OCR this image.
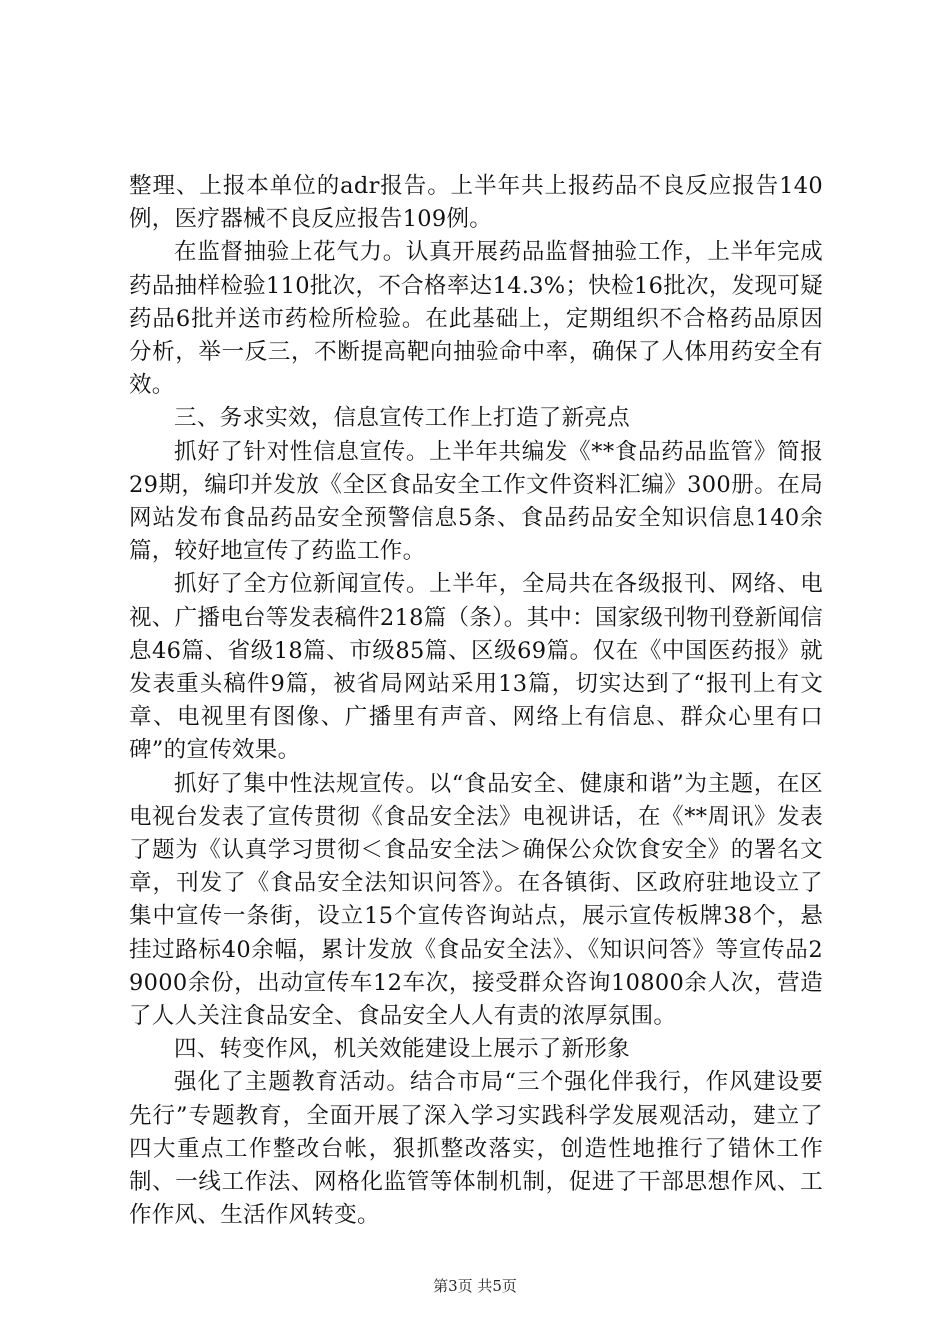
整理、上报本单位的adr报告。上半年共上报药品不良反应报告140例，医疗器械不良反应报告109例。

在监督抽验上花气力。认真开展药品监督抽验工作，上半年完成药品抽样检验110批次，不合格率达14.3%；快检16批次，发现可疑药品6批并送市药检所检验。在此基础上，定期组织不合格药品原因分析，举一反三，不断提高靶向抽验命中率，确保了人体用药安全有效。

三、务求实效，信息宣传工作上打造了新亮点

抓好了针对性信息宣传。上半年共编发《**食品药品监管》简报29期，编印并发放《全区食品安全工作文件资料汇编》300册。在局网站发布食品药品安全预警信息5条、食品药品安全知识信息140余篇，较好地宣传了药监工作。

抓好了全方位新闻宣传。上半年，全局共在各级报刊、网络、电视、广播电台等发表稿件218篇（条）。其中：国家级刊物刊登新闻信息46篇、省级18篇、市级85篇、区级69篇。仅在《中国医药报》就发表重头稿件9篇，被省局网站采用13篇，切实达到了“报刊上有文章、电视里有图像、广播里有声音、网络上有信息、群众心里有口碑”的宣传效果。

抓好了集中性法规宣传。以“食品安全、健康和谐”为主题，在区电视台发表了宣传贯彻《食品安全法》电视讲话，在《**周讯》发表了题为《认真学习贯彻＜食品安全法＞确保公众饮食安全》的署名文章，刊发了《食品安全法知识问答》。在各镇街、区政府驻地设立了集中宣传一条街，设立15个宣传咨询站点，展示宣传板牌38个，悬挂过路标40余幅，累计发放《食品安全法》、《知识问答》等宣传品29000余份，出动宣传车12车次，接受群众咨询10800余人次，营造了人人关注食品安全、食品安全人人有责的浓厚氛围。

四、转变作风，机关效能建设上展示了新形象

强化了主题教育活动。结合市局“三个强化伴我行，作风建设要先行”专题教育，全面开展了深入学习实践科学发展观活动，建立了四大重点工作整改台帐，狠抓整改落实，创造性地推行了错休工作制、一线工作法、网格化监管等体制机制，促进了干部思想作风、工作作风、生活作风转变。

第3页 共5页
